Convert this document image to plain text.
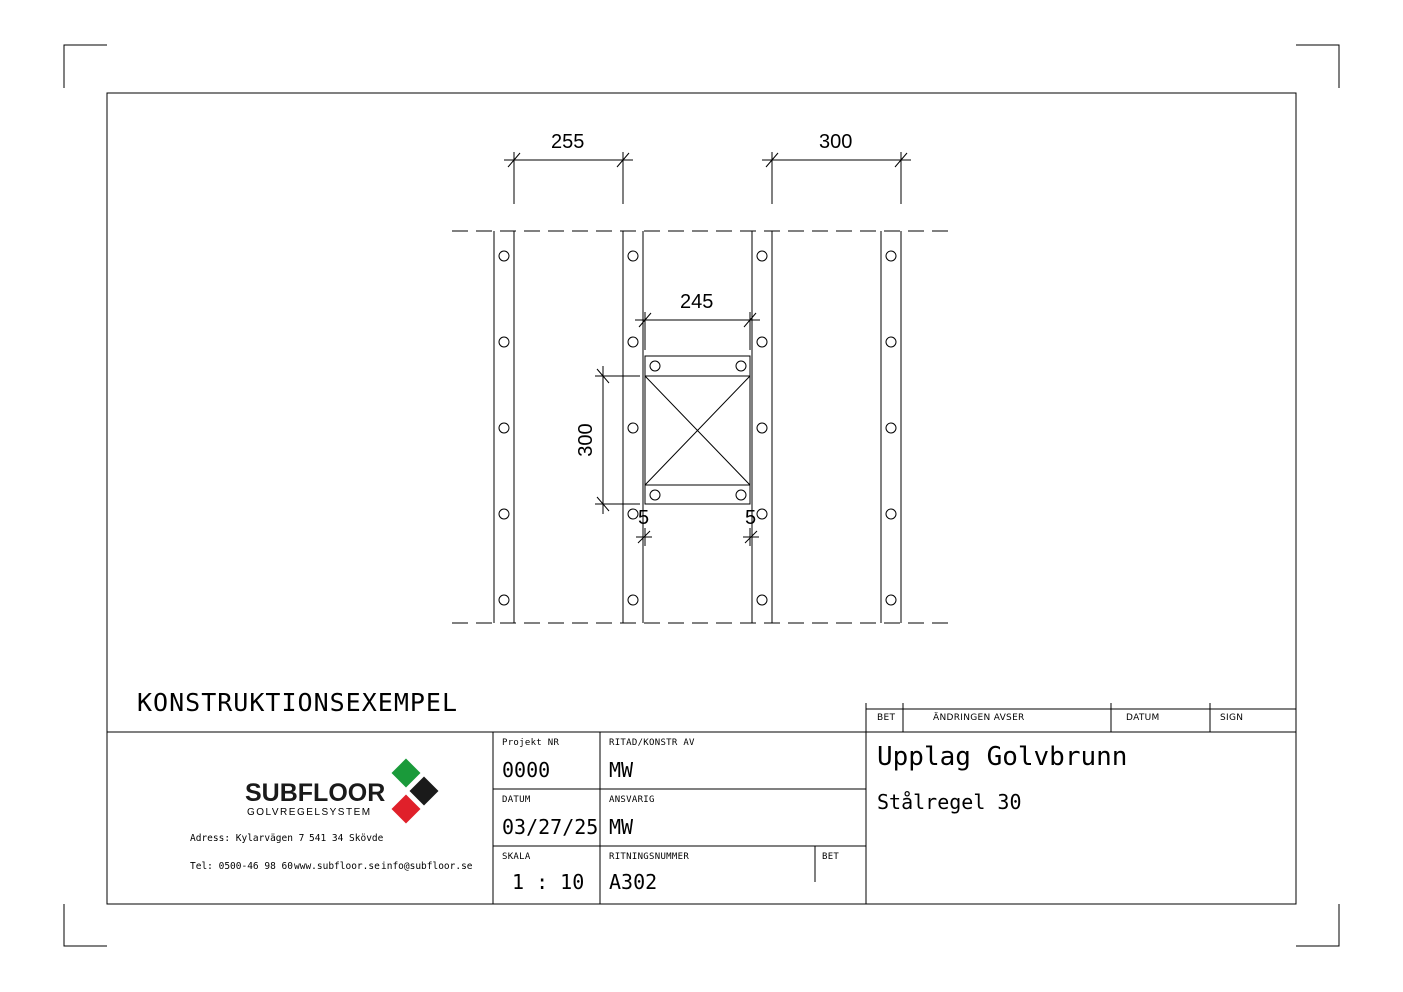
255	300
245
300
5	5
KONSTRUKTIONSEXEMPEL
BET	ÄNDRINGEN AVSER	DATUM	SIGN
SUBFLOOR
GOLVREGELSYSTEM
Adress: Kylarvägen 7 541 34 Skövde
Tel: 0500-46 98 60 www.subfloor.se info@subfloor.se
Projekt NR
0000
RITAD/KONSTR AV
MW
DATUM
03/27/25
ANSVARIG
MW
SKALA
1 : 10
RITNINGSNUMMER
A302
BET
Upplag Golvbrunn
Stålregel 30
